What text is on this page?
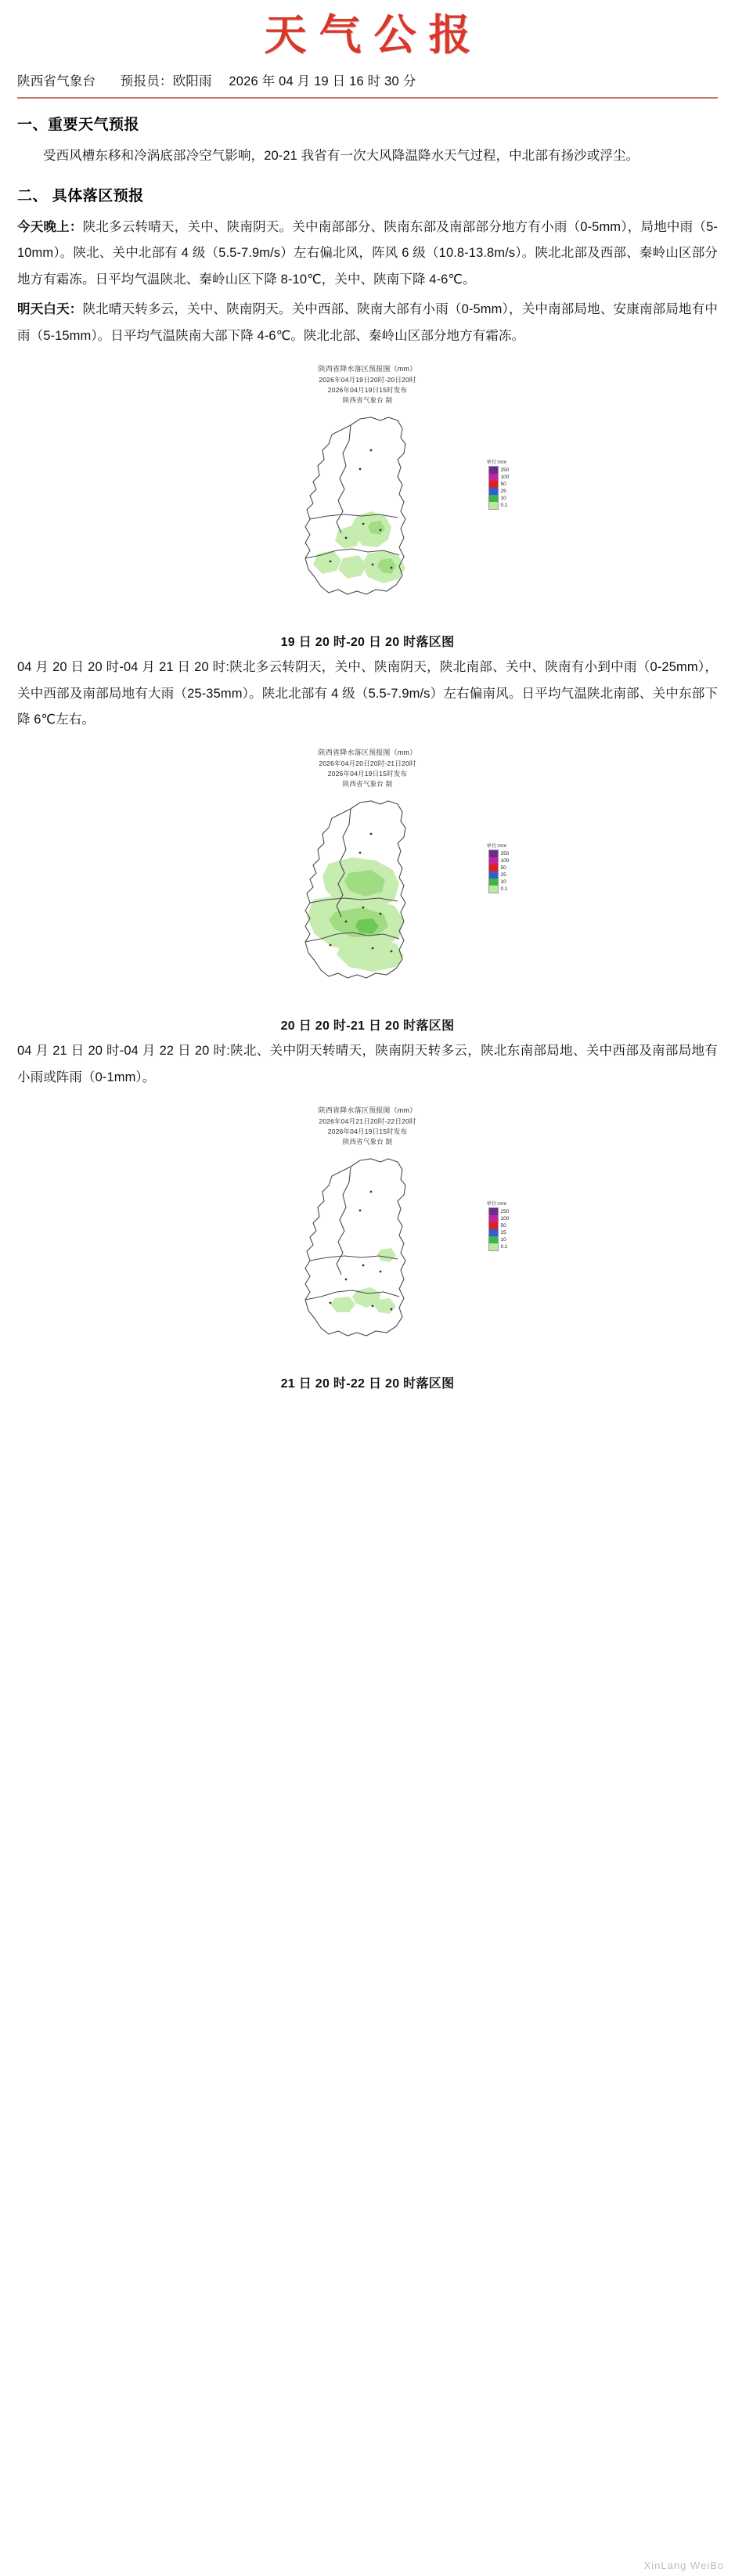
天气公报
陕西省气象台 预报员：欧阳雨 2026 年 04 月 19 日 16 时 30 分
一、重要天气预报

受西风槽东移和冷涡底部冷空气影响，20-21 我省有一次大风降温降水天气过程，中北部有扬沙或浮尘。

二、 具体落区预报

今天晚上：陕北多云转晴天，关中、陕南阴天。关中南部部分、陕南东部及南部部分地方有小雨（0-5mm），局地中雨（5-10mm）。陕北、关中北部有 4 级（5.5-7.9m/s）左右偏北风，阵风 6 级（10.8-13.8m/s）。陕北北部及西部、秦岭山区部分地方有霜冻。日平均气温陕北、秦岭山区下降 8-10℃，关中、陕南下降 4-6℃。

明天白天：陕北晴天转多云，关中、陕南阴天。关中西部、陕南大部有小雨（0-5mm），关中南部局地、安康南部局地有中雨（5-15mm）。日平均气温陕南大部下降 4-6℃。陕北北部、秦岭山区部分地方有霜冻。

陕西省降水落区预报图（mm）
2026年04月19日20时-20日20时
2026年04月19日15时发布
陕西省气象台 制
单位:mm
250
100
50
25
10
0.1
19 日 20 时-20 日 20 时落区图

04 月 20 日 20 时-04 月 21 日 20 时:陕北多云转阴天，关中、陕南阴天，陕北南部、关中、陕南有小到中雨（0-25mm），关中西部及南部局地有大雨（25-35mm）。陕北北部有 4 级（5.5-7.9m/s）左右偏南风。日平均气温陕北南部、关中东部下降 6℃左右。

陕西省降水落区预报图（mm）
2026年04月20日20时-21日20时
2026年04月19日15时发布
陕西省气象台 制
单位:mm
250
100
50
25
10
0.1
20 日 20 时-21 日 20 时落区图

04 月 21 日 20 时-04 月 22 日 20 时:陕北、关中阴天转晴天，陕南阴天转多云，陕北东南部局地、关中西部及南部局地有小雨或阵雨（0-1mm）。

陕西省降水落区预报图（mm）
2026年04月21日20时-22日20时
2026年04月19日15时发布
陕西省气象台 制
单位:mm
250
100
50
25
10
0.1
21 日 20 时-22 日 20 时落区图
XinLang WeiBo
